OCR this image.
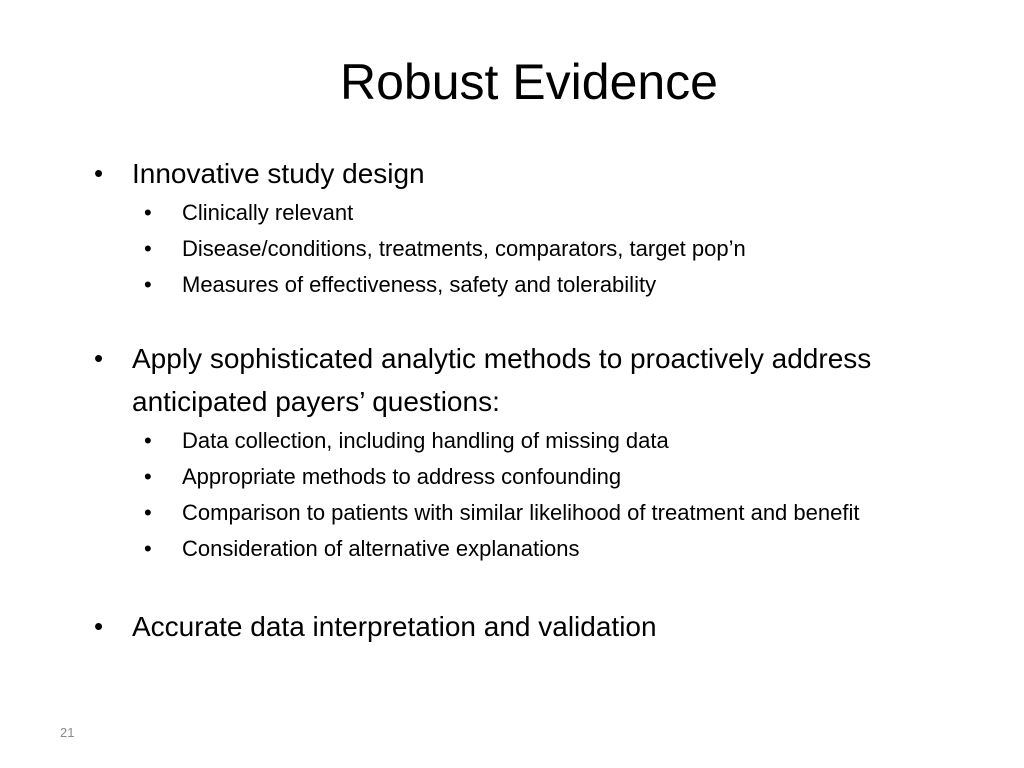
Robust Evidence
• Innovative study design
• Clinically relevant
• Disease/conditions, treatments, comparators, target pop’n
• Measures of effectiveness, safety and tolerability
• Apply sophisticated analytic methods to proactively address anticipated payers’ questions:
• Data collection, including handling of missing data
• Appropriate methods to address confounding
• Comparison to patients with similar likelihood of treatment and benefit
• Consideration of alternative explanations
• Accurate data interpretation and validation
21
